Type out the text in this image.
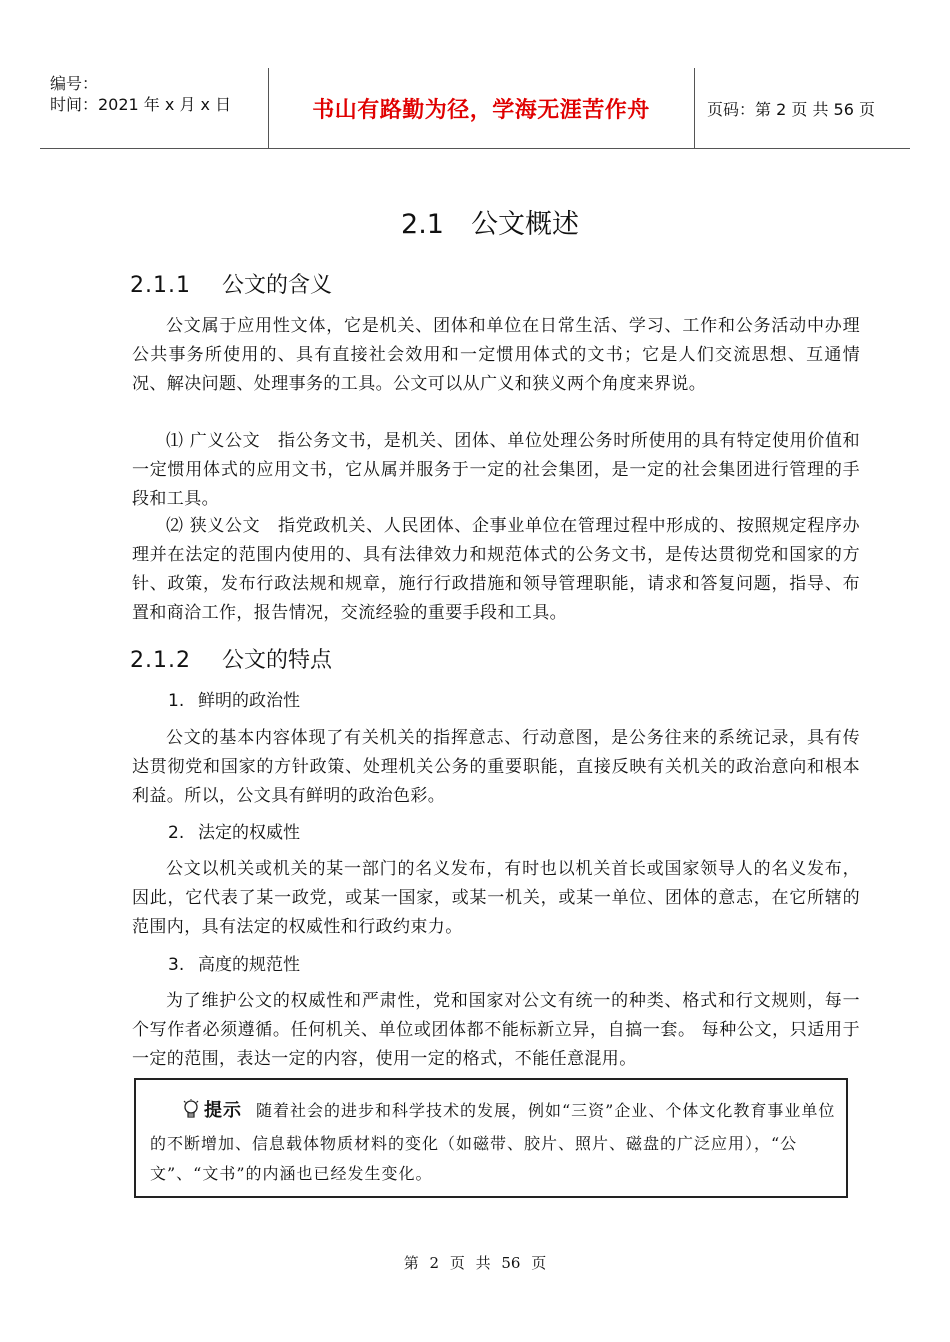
编号：
时间：2021 年 x 月 x 日	书山有路勤为径，学海无涯苦作舟	页码：第 2 页 共 56 页
2.1　公文概述
2.1.1 公文的含义
公文属于应用性文体，它是机关、团体和单位在日常生活、学习、工作和公务活动中办理公共事务所使用的、具有直接社会效用和一定惯用体式的文书；它是人们交流思想、互通情况、解决问题、处理事务的工具。公文可以从广义和狭义两个角度来界说。
⑴ 广义公文　 指公务文书，是机关、团体、单位处理公务时所使用的具有特定使用价值和一定惯用体式的应用文书，它从属并服务于一定的社会集团，是一定的社会集团进行管理的手段和工具。
⑵ 狭义公文　 指党政机关、人民团体、企事业单位在管理过程中形成的、按照规定程序办理并在法定的范围内使用的、具有法律效力和规范体式的公务文书，是传达贯彻党和国家的方针、政策，发布行政法规和规章，施行行政措施和领导管理职能，请求和答复问题，指导、布置和商洽工作，报告情况，交流经验的重要手段和工具。
2.1.2 公文的特点
1. 鲜明的政治性
公文的基本内容体现了有关机关的指挥意志、行动意图，是公务往来的系统记录，具有传达贯彻党和国家的方针政策、处理机关公务的重要职能，直接反映有关机关的政治意向和根本利益。所以，公文具有鲜明的政治色彩。
2. 法定的权威性
公文以机关或机关的某一部门的名义发布，有时也以机关首长或国家领导人的名义发布，因此，它代表了某一政党，或某一国家，或某一机关，或某一单位、团体的意志，在它所辖的范围内，具有法定的权威性和行政约束力。
3. 高度的规范性
为了维护公文的权威性和严肃性，党和国家对公文有统一的种类、格式和行文规则，每一个写作者必须遵循。任何机关、单位或团体都不能标新立异，自搞一套。 每种公文，只适用于一定的范围，表达一定的内容，使用一定的格式，不能任意混用。
提示 随着社会的进步和科学技术的发展，例如“三资”企业、个体文化教育事业单位的不断增加、信息载体物质材料的变化（如磁带、胶片、照片、磁盘的广泛应用），“公文”、“文书”的内涵也已经发生变化。
第 2 页 共 56 页
